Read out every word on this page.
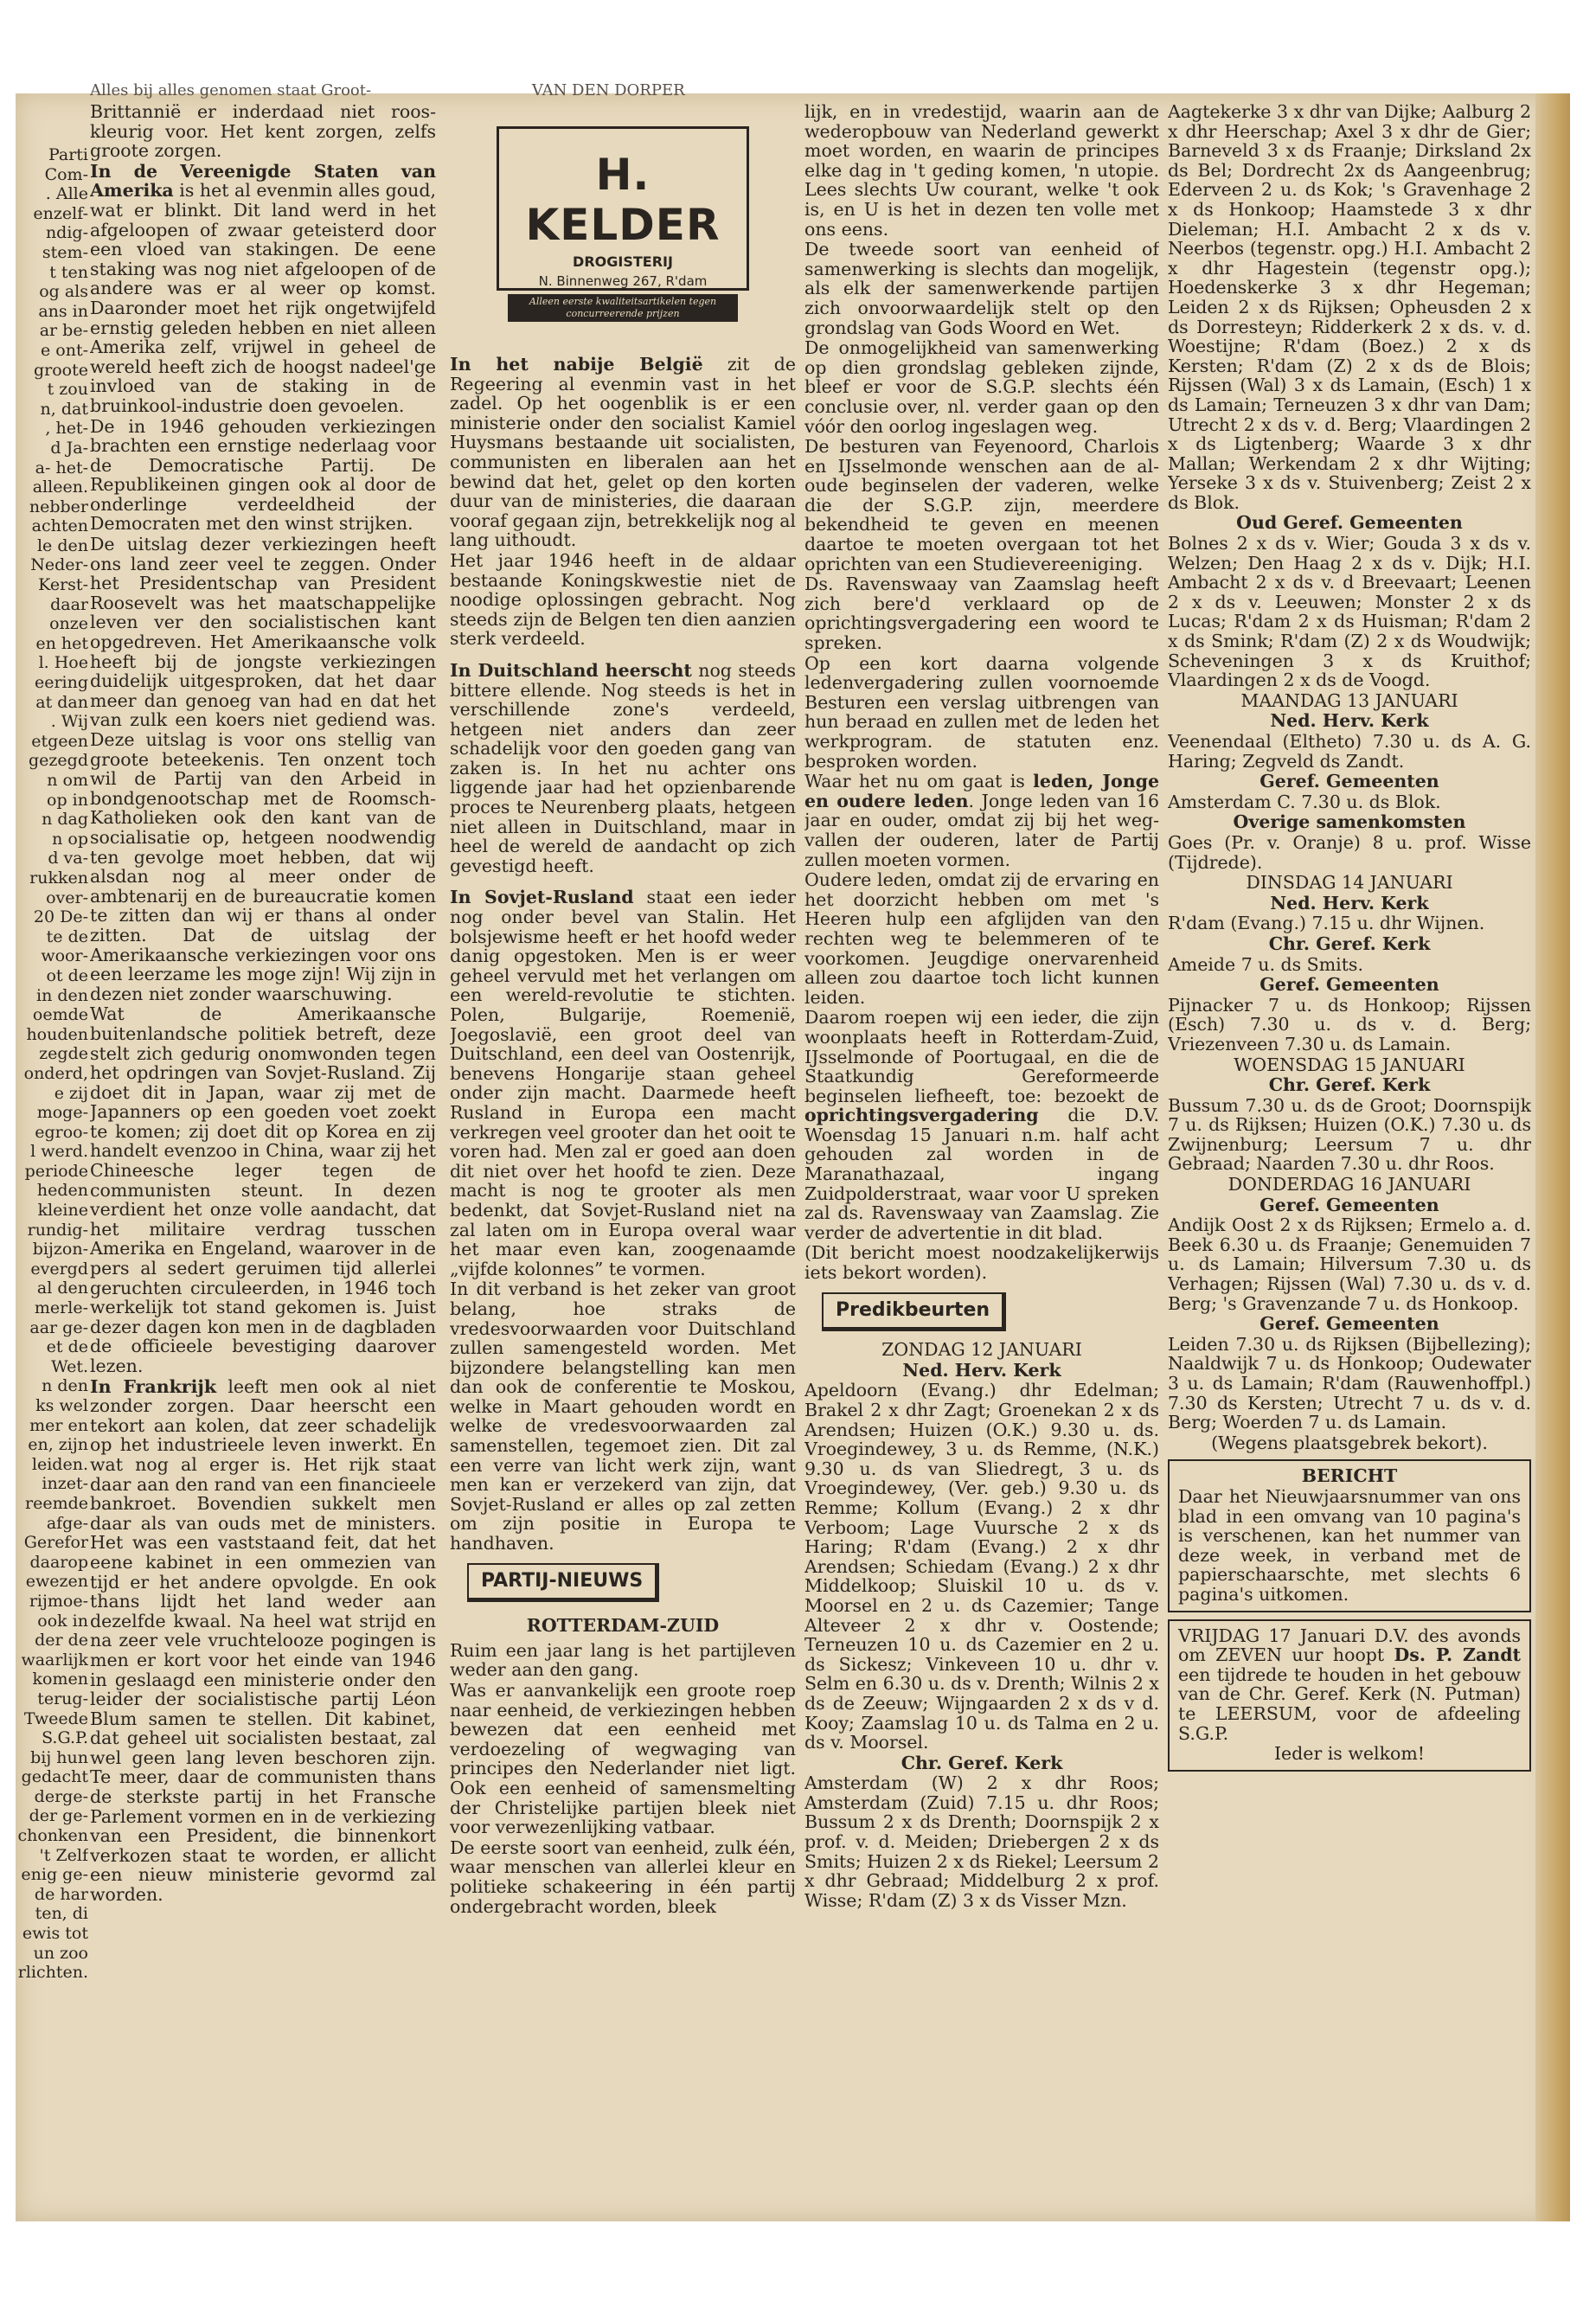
Alles bij alles genomen staat Groot-	VAN DEN DORPER
Parti
Com-
. Alle
enzelf-
ndig-
stem-
t ten
og als
ans in
ar be-
e ont-
groote
t zou
n, dat
, het-
d Ja-
a- het-
alleen.
nebber
achten
le den
Neder-
Kerst-
daar
onze
en het
l. Hoe
eering
at dan
. Wij
etgeen
gezegd
n om
op in
n dag
n op
d va-
rukken
over-
20 De-
te de
woor-
ot de
in den
oemde
houden
zegde
onderd,
e zij
moge-
egroo-
l werd.
periode
heden
kleine
rundig-
bijzon-
evergd
al den
merle-
aar ge-
et de
Wet.
n den
ks wel
mer en
en, zijn
leiden.
inzet-
reemde
afge-
Gerefor
daarop
ewezen
rijmoe-
ook in
der de
waarlijk
komen
terug-
Tweede
S.G.P.
bij hun
gedacht
derge-
der ge-
chonken
't Zelf
enig ge-
de har
ten, di
ewis tot
un zoo
rlichten.

Brittannië er inderdaad niet roos-kleurig voor. Het kent zorgen, zelfs groote zorgen.

In de Vereenigde Staten van Amerika is het al evenmin alles goud, wat er blinkt. Dit land werd in het afgeloopen of zwaar geteisterd door een vloed van stakingen. De eene staking was nog niet afgeloopen of de andere was er al weer op komst. Daaronder moet het rijk ongetwijfeld ernstig geleden hebben en niet alleen Amerika zelf, vrijwel in geheel de wereld heeft zich de hoogst nadeel'ge invloed van de staking in de bruinkool-industrie doen gevoelen.

De in 1946 gehouden verkiezingen brachten een ernstige nederlaag voor de Democratische Partij. De Republikeinen gingen ook al door de onderlinge verdeeldheid der Democraten met den winst strijken.

De uitslag dezer verkiezingen heeft ons land zeer veel te zeggen. Onder het Presidentschap van President Roosevelt was het maatschappelijke leven ver den socialistischen kant opgedreven. Het Amerikaansche volk heeft bij de jongste verkiezingen duidelijk uitgesproken, dat het daar meer dan genoeg van had en dat het van zulk een koers niet gediend was. Deze uitslag is voor ons stellig van groote beteekenis. Ten onzent toch wil de Partij van den Arbeid in bondgenootschap met de Roomsch-Katholieken ook den kant van de socialisatie op, hetgeen noodwendig ten gevolge moet hebben, dat wij alsdan nog al meer onder de ambtenarij en de bureaucratie komen te zitten dan wij er thans al onder zitten. Dat de uitslag der Amerikaansche verkiezingen voor ons een leerzame les moge zijn! Wij zijn in dezen niet zonder waarschuwing.

Wat de Amerikaansche buitenlandsche politiek betreft, deze stelt zich gedurig onomwonden tegen het opdringen van Sovjet-Rusland. Zij doet dit in Japan, waar zij met de Japanners op een goeden voet zoekt te komen; zij doet dit op Korea en zij handelt evenzoo in China, waar zij het Chineesche leger tegen de communisten steunt. In dezen verdient het onze volle aandacht, dat het militaire verdrag tusschen Amerika en Engeland, waarover in de pers al sedert geruimen tijd allerlei geruchten circuleerden, in 1946 toch werkelijk tot stand gekomen is. Juist dezer dagen kon men in de dagbladen de officieele bevestiging daarover lezen.

In Frankrijk leeft men ook al niet zonder zorgen. Daar heerscht een tekort aan kolen, dat zeer schadelijk op het industrieele leven inwerkt. En wat nog al erger is. Het rijk staat daar aan den rand van een financieele bankroet. Bovendien sukkelt men daar als van ouds met de ministers. Het was een vaststaand feit, dat het eene kabinet in een ommezien van tijd er het andere opvolgde. En ook thans lijdt het land weder aan dezelfde kwaal. Na heel wat strijd en na zeer vele vruchtelooze pogingen is men er kort voor het einde van 1946 in geslaagd een ministerie onder den leider der socialistische partij Léon Blum samen te stellen. Dit kabinet, dat geheel uit socialisten bestaat, zal wel geen lang leven beschoren zijn. Te meer, daar de communisten thans de sterkste partij in het Fransche Parlement vormen en in de verkiezing van een President, die binnenkort verkozen staat te worden, er allicht een nieuw ministerie gevormd zal worden.

H. KELDER
DROGISTERIJ
N. Binnenweg 267, R'dam
Alleen eerste kwaliteitsartikelen tegen concurreerende prijzen

In het nabije België zit de Regeering al evenmin vast in het zadel. Op het oogenblik is er een ministerie onder den socialist Kamiel Huysmans bestaande uit socialisten, communisten en liberalen aan het bewind dat het, gelet op den korten duur van de ministeries, die daaraan vooraf gegaan zijn, betrekkelijk nog al lang uithoudt.

Het jaar 1946 heeft in de aldaar bestaande Koningskwestie niet de noodige oplossingen gebracht. Nog steeds zijn de Belgen ten dien aanzien sterk verdeeld.

In Duitschland heerscht nog steeds bittere ellende. Nog steeds is het in verschillende zone's verdeeld, hetgeen niet anders dan zeer schadelijk voor den goeden gang van zaken is. In het nu achter ons liggende jaar had het opzienbarende proces te Neurenberg plaats, hetgeen niet alleen in Duitschland, maar in heel de wereld de aandacht op zich gevestigd heeft.

In Sovjet-Rusland staat een ieder nog onder bevel van Stalin. Het bolsjewisme heeft er het hoofd weder danig opgestoken. Men is er weer geheel vervuld met het verlangen om een wereld-revolutie te stichten. Polen, Bulgarije, Roemenië, Joegoslavië, een groot deel van Duitschland, een deel van Oostenrijk, benevens Hongarije staan geheel onder zijn macht. Daarmede heeft Rusland in Europa een macht verkregen veel grooter dan het ooit te voren had. Men zal er goed aan doen dit niet over het hoofd te zien. Deze macht is nog te grooter als men bedenkt, dat Sovjet-Rusland niet na zal laten om in Europa overal waar het maar even kan, zoogenaamde „vijfde kolonnes” te vormen.

In dit verband is het zeker van groot belang, hoe straks de vredesvoorwaarden voor Duitschland zullen samengesteld worden. Met bijzondere belangstelling kan men dan ook de conferentie te Moskou, welke in Maart gehouden wordt en welke de vredesvoorwaarden zal samenstellen, tegemoet zien. Dit zal een verre van licht werk zijn, want men kan er verzekerd van zijn, dat Sovjet-Rusland er alles op zal zetten om zijn positie in Europa te handhaven.

PARTIJ-NIEUWS

ROTTERDAM-ZUID

Ruim een jaar lang is het partijleven weder aan den gang.

Was er aanvankelijk een groote roep naar eenheid, de verkiezingen hebben bewezen dat een eenheid met verdoezeling of wegwaging van principes den Nederlander niet ligt. Ook een eenheid of samensmelting der Christelijke partijen bleek niet voor verwezenlijking vatbaar.

De eerste soort van eenheid, zulk één, waar menschen van allerlei kleur en politieke schakeering in één partij ondergebracht worden, bleek

lijk, en in vredestijd, waarin aan de wederopbouw van Nederland gewerkt moet worden, en waarin de principes elke dag in 't geding komen, 'n utopie. Lees slechts Uw courant, welke 't ook is, en U is het in dezen ten volle met ons eens.

De tweede soort van eenheid of samenwerking is slechts dan mogelijk, als elk der samenwerkende partijen zich onvoorwaardelijk stelt op den grondslag van Gods Woord en Wet.

De onmogelijkheid van samenwerking op dien grondslag gebleken zijnde, bleef er voor de S.G.P. slechts één conclusie over, nl. verder gaan op den vóór den oorlog ingeslagen weg.

De besturen van Feyenoord, Charlois en IJsselmonde wenschen aan de al-oude beginselen der vaderen, welke die der S.G.P. zijn, meerdere bekendheid te geven en meenen daartoe te moeten overgaan tot het oprichten van een Studievereeniging.

Ds. Ravenswaay van Zaamslag heeft zich bere'd verklaard op de oprichtingsvergadering een woord te spreken.

Op een kort daarna volgende ledenvergadering zullen voornoemde Besturen een verslag uitbrengen van hun beraad en zullen met de leden het werkprogram. de statuten enz. besproken worden.

Waar het nu om gaat is leden, Jonge en oudere leden. Jonge leden van 16 jaar en ouder, omdat zij bij het weg-vallen der ouderen, later de Partij zullen moeten vormen.

Oudere leden, omdat zij de ervaring en het doorzicht hebben om met 's Heeren hulp een afglijden van den rechten weg te belemmeren of te voorkomen. Jeugdige onervarenheid alleen zou daartoe toch licht kunnen leiden.

Daarom roepen wij een ieder, die zijn woonplaats heeft in Rotterdam-Zuid, IJsselmonde of Poortugaal, en die de Staatkundig Gereformeerde beginselen liefheeft, toe: bezoekt de oprichtingsvergadering die D.V. Woensdag 15 Januari n.m. half acht gehouden zal worden in de Maranathazaal, ingang Zuidpolderstraat, waar voor U spreken zal ds. Ravenswaay van Zaamslag. Zie verder de advertentie in dit blad.

(Dit bericht moest noodzakelijkerwijs iets bekort worden).

Predikbeurten

ZONDAG 12 JANUARI

Ned. Herv. Kerk

Apeldoorn (Evang.) dhr Edelman; Brakel 2 x dhr Zagt; Groenekan 2 x ds Arendsen; Huizen (O.K.) 9.30 u. ds. Vroegindewey, 3 u. ds Remme, (N.K.) 9.30 u. ds van Sliedregt, 3 u. ds Vroegindewey, (Ver. geb.) 9.30 u. ds Remme; Kollum (Evang.) 2 x dhr Verboom; Lage Vuursche 2 x ds Haring; R'dam (Evang.) 2 x dhr Arendsen; Schiedam (Evang.) 2 x dhr Middelkoop; Sluiskil 10 u. ds v. Moorsel en 2 u. ds Cazemier; Tange Alteveer 2 x dhr v. Oostende; Terneuzen 10 u. ds Cazemier en 2 u. ds Sickesz; Vinkeveen 10 u. dhr v. Selm en 6.30 u. ds v. Drenth; Wilnis 2 x ds de Zeeuw; Wijngaarden 2 x ds v d. Kooy; Zaamslag 10 u. ds Talma en 2 u. ds v. Moorsel.

Chr. Geref. Kerk

Amsterdam (W) 2 x dhr Roos; Amsterdam (Zuid) 7.15 u. dhr Roos; Bussum 2 x ds Drenth; Doornspijk 2 x prof. v. d. Meiden; Driebergen 2 x ds Smits; Huizen 2 x ds Riekel; Leersum 2 x dhr Gebraad; Middelburg 2 x prof. Wisse; R'dam (Z) 3 x ds Visser Mzn.

Aagtekerke 3 x dhr van Dijke; Aalburg 2 x dhr Heerschap; Axel 3 x dhr de Gier; Barneveld 3 x ds Fraanje; Dirksland 2x ds Bel; Dordrecht 2x ds Aangeenbrug; Ederveen 2 u. ds Kok; 's Gravenhage 2 x ds Honkoop; Haamstede 3 x dhr Dieleman; H.I. Ambacht 2 x ds v. Neerbos (tegenstr. opg.) H.I. Ambacht 2 x dhr Hagestein (tegenstr opg.); Hoedenskerke 3 x dhr Hegeman; Leiden 2 x ds Rijksen; Opheusden 2 x ds Dorresteyn; Ridderkerk 2 x ds. v. d. Woestijne; R'dam (Boez.) 2 x ds Kersten; R'dam (Z) 2 x ds de Blois; Rijssen (Wal) 3 x ds Lamain, (Esch) 1 x ds Lamain; Terneuzen 3 x dhr van Dam; Utrecht 2 x ds v. d. Berg; Vlaardingen 2 x ds Ligtenberg; Waarde 3 x dhr Mallan; Werkendam 2 x dhr Wijting; Yerseke 3 x ds v. Stuivenberg; Zeist 2 x ds Blok.

Oud Geref. Gemeenten

Bolnes 2 x ds v. Wier; Gouda 3 x ds v. Welzen; Den Haag 2 x ds v. Dijk; H.I. Ambacht 2 x ds v. d Breevaart; Leenen 2 x ds v. Leeuwen; Monster 2 x ds Lucas; R'dam 2 x ds Huisman; R'dam 2 x ds Smink; R'dam (Z) 2 x ds Woudwijk; Scheveningen 3 x ds Kruithof; Vlaardingen 2 x ds de Voogd.

MAANDAG 13 JANUARI

Ned. Herv. Kerk

Veenendaal (Eltheto) 7.30 u. ds A. G. Haring; Zegveld ds Zandt.

Geref. Gemeenten

Amsterdam C. 7.30 u. ds Blok.

Overige samenkomsten

Goes (Pr. v. Oranje) 8 u. prof. Wisse (Tijdrede).

DINSDAG 14 JANUARI

Ned. Herv. Kerk

R'dam (Evang.) 7.15 u. dhr Wijnen.

Chr. Geref. Kerk

Ameide 7 u. ds Smits.

Geref. Gemeenten

Pijnacker 7 u. ds Honkoop; Rijssen (Esch) 7.30 u. ds v. d. Berg; Vriezenveen 7.30 u. ds Lamain.

WOENSDAG 15 JANUARI

Chr. Geref. Kerk

Bussum 7.30 u. ds de Groot; Doornspijk 7 u. ds Rijksen; Huizen (O.K.) 7.30 u. ds Zwijnenburg; Leersum 7 u. dhr Gebraad; Naarden 7.30 u. dhr Roos.

DONDERDAG 16 JANUARI

Geref. Gemeenten

Andijk Oost 2 x ds Rijksen; Ermelo a. d. Beek 6.30 u. ds Fraanje; Genemuiden 7 u. ds Lamain; Hilversum 7.30 u. ds Verhagen; Rijssen (Wal) 7.30 u. ds v. d. Berg; 's Gravenzande 7 u. ds Honkoop.

Geref. Gemeenten

Leiden 7.30 u. ds Rijksen (Bijbellezing); Naaldwijk 7 u. ds Honkoop; Oudewater 3 u. ds Lamain; R'dam (Rauwenhoffpl.) 7.30 ds Kersten; Utrecht 7 u. ds v. d. Berg; Woerden 7 u. ds Lamain.

(Wegens plaatsgebrek bekort).

BERICHT

Daar het Nieuwjaarsnummer van ons blad in een omvang van 10 pagina's is verschenen, kan het nummer van deze week, in verband met de papierschaarschte, met slechts 6 pagina's uitkomen.

VRIJDAG 17 Januari D.V. des avonds om ZEVEN uur hoopt Ds. P. Zandt een tijdrede te houden in het gebouw van de Chr. Geref. Kerk (N. Putman) te LEERSUM, voor de afdeeling S.G.P.

Ieder is welkom!
